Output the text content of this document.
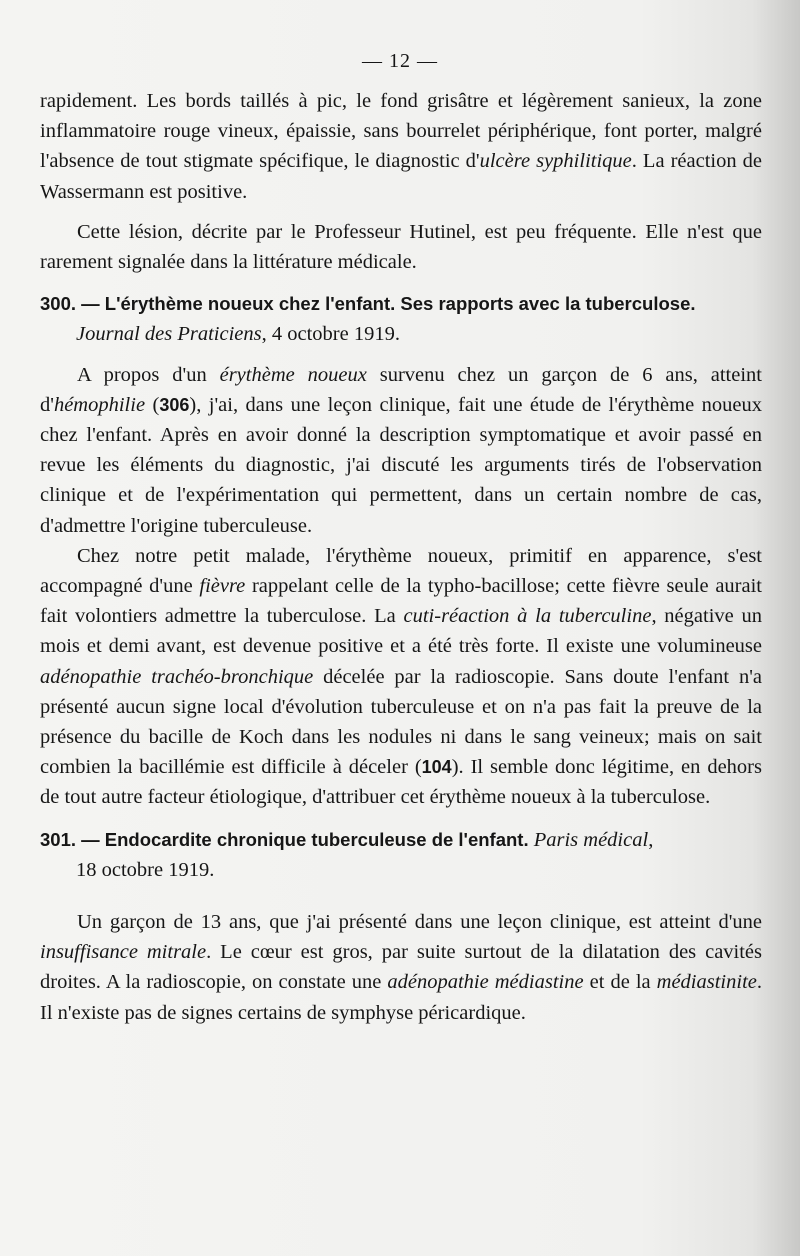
— 12 —

rapidement. Les bords taillés à pic, le fond grisâtre et légèrement sanieux, la zone inflammatoire rouge vineux, épaissie, sans bourrelet périphérique, font porter, malgré l'absence de tout stigmate spécifique, le diagnostic d'ulcère syphilitique. La réaction de Wassermann est positive.

Cette lésion, décrite par le Professeur Hutinel, est peu fréquente. Elle n'est que rarement signalée dans la littérature médicale.

300. — L'érythème noueux chez l'enfant. Ses rapports avec la tuberculose.

Journal des Praticiens, 4 octobre 1919.

A propos d'un érythème noueux survenu chez un garçon de 6 ans, atteint d'hémophilie (306), j'ai, dans une leçon clinique, fait une étude de l'érythème noueux chez l'enfant. Après en avoir donné la description symptomatique et avoir passé en revue les éléments du diagnostic, j'ai discuté les arguments tirés de l'observation clinique et de l'expérimentation qui permettent, dans un certain nombre de cas, d'admettre l'origine tuberculeuse.

Chez notre petit malade, l'érythème noueux, primitif en apparence, s'est accompagné d'une fièvre rappelant celle de la typho-bacillose; cette fièvre seule aurait fait volontiers admettre la tuberculose. La cuti-réaction à la tuberculine, négative un mois et demi avant, est devenue positive et a été très forte. Il existe une volumineuse adénopathie trachéo-bronchique décelée par la radioscopie. Sans doute l'enfant n'a présenté aucun signe local d'évolution tuberculeuse et on n'a pas fait la preuve de la présence du bacille de Koch dans les nodules ni dans le sang veineux; mais on sait combien la bacillémie est difficile à déceler (104). Il semble donc légitime, en dehors de tout autre facteur étiologique, d'attribuer cet érythème noueux à la tuberculose.

301. — Endocardite chronique tuberculeuse de l'enfant. Paris médical,

18 octobre 1919.

Un garçon de 13 ans, que j'ai présenté dans une leçon clinique, est atteint d'une insuffisance mitrale. Le cœur est gros, par suite surtout de la dilatation des cavités droites. A la radioscopie, on constate une adénopathie médiastine et de la médiastinite. Il n'existe pas de signes certains de symphyse péricardique.
